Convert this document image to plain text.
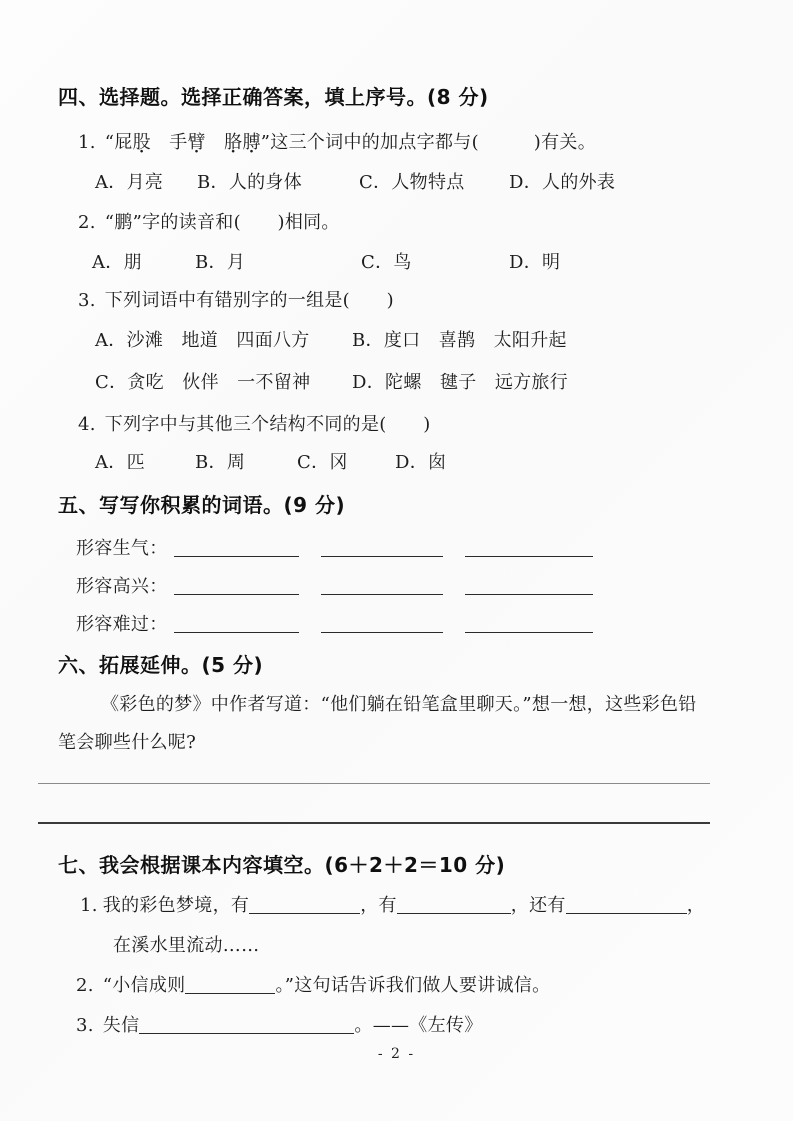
四、选择题。选择正确答案，填上序号。(8 分)
1. “屁股　手臂　 胳膊”这三个词中的加点字都与(　　　)有关。
A．月亮 B．人的身体	C．人物特点 D．人的外表
2. “鹏”字的读音和(　　)相同。
A．朋	B．月	C．鸟	D．明
3. 下列词语中有错别字的一组是(　　)
A．沙滩　地道　四面八方 B．度口　喜鹊　太阳升起
C．贪吃　伙伴　一不留神 D．陀螺　毽子　远方旅行
4. 下列字中与其他三个结构不同的是(　　)
A．匹	B．周	C．冈	D．囱
五、写写你积累的词语。(9 分)
形容生气：
形容高兴：
形容难过：
六、拓展延伸。(5 分)
《彩色的梦》中作者写道：“他们躺在铅笔盒里聊天。”想一想，这些彩色铅
笔会聊些什么呢?
七、我会根据课本内容填空。(6＋2＋2＝10 分)
1. 我的彩色梦境，有	，有	，还有	，
在溪水里流动……
2. “小信成则	。”这句话告诉我们做人要讲诚信。
3. 失信	。——《左传》
- 2 -
